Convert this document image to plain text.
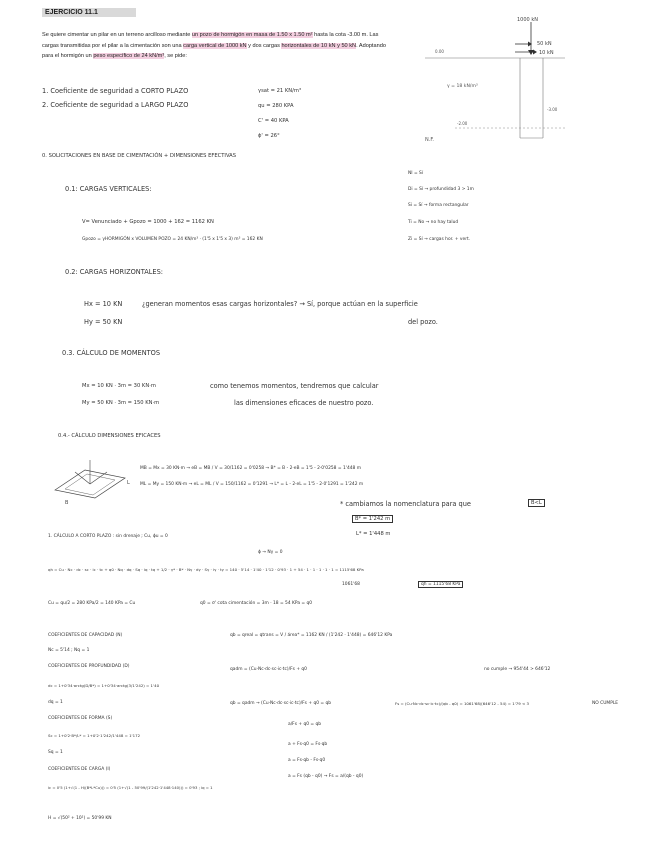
EJERCICIO 11.1
Se quiere cimentar un pilar en un terreno arcilloso mediante un pozo de hormigón en masa de 1.50 x 1.50 m² hasta la cota -3.00 m. Las cargas transmitidas por el pilar a la cimentación son una carga vertical de 1000 kN y dos cargas horizontales de 10 kN y 50 kN. Adoptando para el hormigón un peso específico de 24 kN/m³, se pide:
1. Coeficiente de seguridad a CORTO PLAZO
2. Coeficiente de seguridad a LARGO PLAZO
γsat = 21 KN/m³
qu = 280 KPA
C' = 40 KPA
ϕ' = 26°
1000 kN
50 kN
10 kN
0.00
γ = 18 kN/m³
-2.00
-3.00
N.F.
0. SOLICITACIONES EN BASE DE CIMENTACIÓN + DIMENSIONES EFECTIVAS
NI = Sí
Di = Sí → profundidad 3 > 1m
Si = Sí → forma rectangular
Ti = No → no hay talud
Zi = Sí → cargas hor. + vert.
0.1: CARGAS VERTICALES:
V= Venunciado + Gpozo = 1000 + 162 = 1162 KN
Gpozo = γHORMIGÓN x VOLUMEN POZO = 24 KN/m³ · (1'5 x 1'5 x 3) m³ = 162 KN
0.2: CARGAS HORIZONTALES:
Hx = 10 KN
Hy = 50 KN
¿generan momentos esas cargas horizontales? → Sí, porque actúan en la superficie
del pozo.
0.3. CÁLCULO DE MOMENTOS
Mx = 10 KN · 3m = 30 KN·m
My = 50 KN · 3m = 150 KN·m
como tenemos momentos, tendremos que calcular
las dimensiones eficaces de nuestro pozo.
0.4.- CÁLCULO DIMENSIONES EFICACES
B
L
MB = Mx = 30 KN·m → eB = MB / V = 30/1162 = 0'0258 → B* = B - 2·eB = 1'5 - 2·0'0258 = 1'448 m
ML = My = 150 KN·m → eL = ML / V = 150/1162 = 0'1291 → L* = L - 2·eL = 1'5 - 2·0'1291 = 1'242 m
* cambiamos la nomenclatura para que	B<L
B* = 1'242 m
L* = 1'448 m
1. CÁLCULO A CORTO PLAZO : sin drenaje ; Cu, ϕu = 0
ϕ → Nγ = 0
qh = Cu · Nc · dc · sc · ic · tc + q0 · Nq · dq · Sq · iq · tq + 1/2 · γ* · B* · Nγ · dγ · Sγ · iγ · tγ = 140 · 5'14 · 1'40 · 1'12 · 0'93 · 1 + 54 · 1 · 1 · 1 · 1 · 1 = 1115'68 KPa
1061'68	qh = 1115'68 KPa
Cu = qu/2 = 280 KPa/2 = 140 KPa = Cu	q0 = σ' cota cimentación = 3m · 18 = 54 KPa = q0
COEFICIENTES DE CAPACIDAD (N)
Nc = 5'14 ; Nq = 1
COEFICIENTES DE PROFUNDIDAD (D)
dc = 1+0'34·arctg(D/B*) = 1+0'34·arctg(3/1'242) = 1'40
dq = 1
COEFICIENTES DE FORMA (S)
Sc = 1+0'2·B*/L* = 1+0'2·1'242/1'448 = 1'172
Sq = 1
COEFICIENTES DE CARGA (I)
ic = 0'5 (1+√(1 - H/(B*L*Cu))) = 0'5 (1+√(1 - 50'99/(1'242·1'448·140))) = 0'93 ; iq = 1
H = √(50² + 10²) = 50'99 KN
qb = qreal = qtrans = V / área* = 1162 KN / (1'242 · 1'448) = 646'12 KPa
qadm = (Cu·Nc·dc·sc·ic·tc)/Fs + q0	no cumple → 954'44 > 646'12
qb = qadm → (Cu·Nc·dc·sc·ic·tc)/Fs + q0 = qb	Fs = (Cu·Nc·dc·sc·ic·tc)/(qb - q0) = 1061'68/(646'12 - 54) = 1'79 < 3	NO CUMPLE
a/Fs + q0 = qb
a + Fs·q0 = Fs·qb
a = Fs·qb - Fs·q0
a = Fs (qb - q0) → Fs = a/(qb - q0)
